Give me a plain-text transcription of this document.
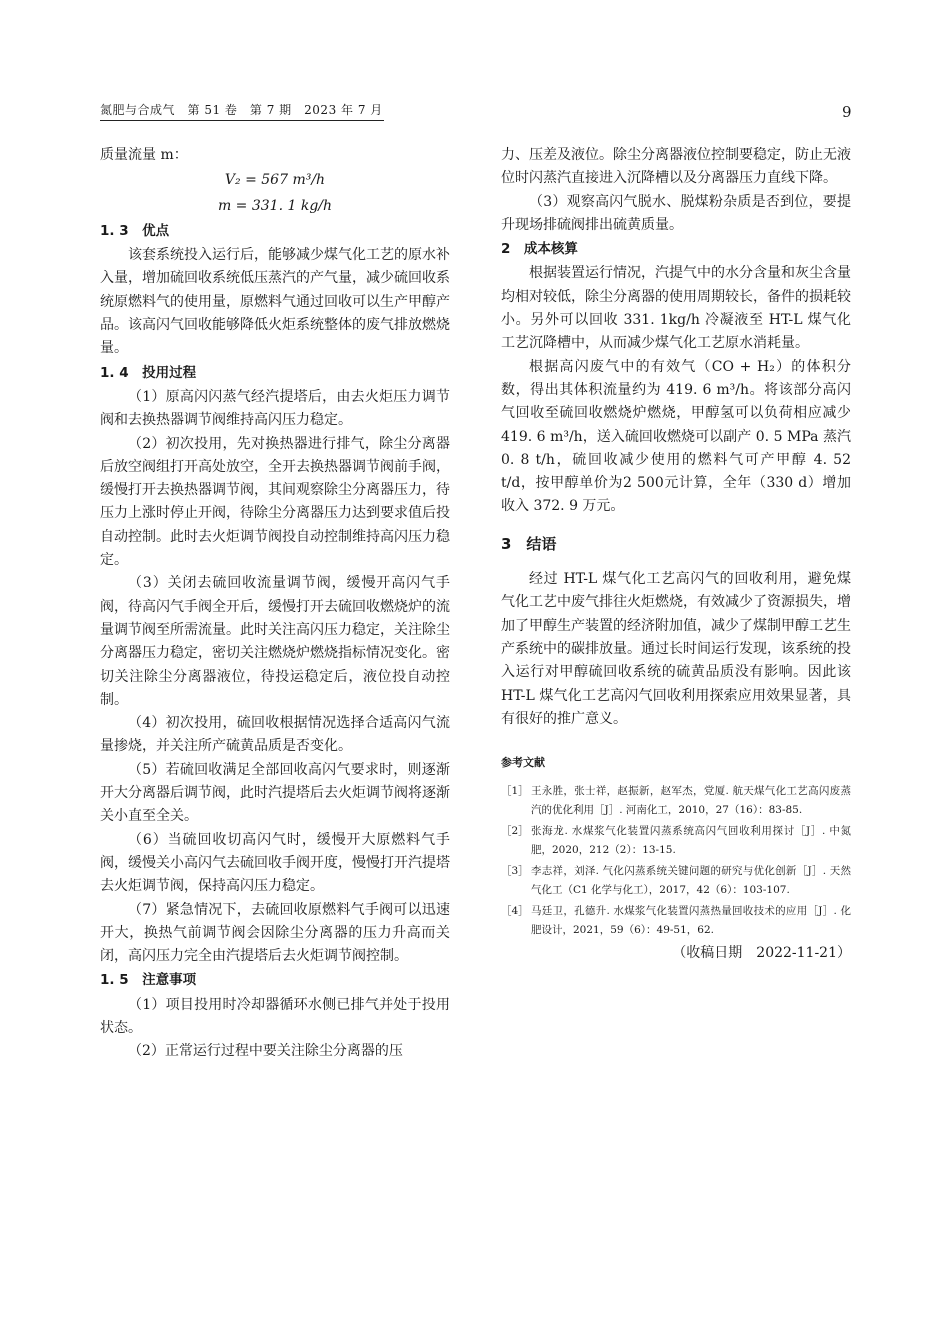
氮肥与合成气　第 51 卷　第 7 期　2023 年 7 月	9

质量流量 m：

V₂ = 567 m³/h
m = 331. 1 kg/h
1. 3　优点

该套系统投入运行后，能够减少煤气化工艺的原水补入量，增加硫回收系统低压蒸汽的产气量，减少硫回收系统原燃料气的使用量，原燃料气通过回收可以生产甲醇产品。该高闪气回收能够降低火炬系统整体的废气排放燃烧量。

1. 4　投用过程

（1）原高闪闪蒸气经汽提塔后，由去火炬压力调节阀和去换热器调节阀维持高闪压力稳定。

（2）初次投用，先对换热器进行排气，除尘分离器后放空阀组打开高处放空，全开去换热器调节阀前手阀，缓慢打开去换热器调节阀，其间观察除尘分离器压力，待压力上涨时停止开阀，待除尘分离器压力达到要求值后投自动控制。此时去火炬调节阀投自动控制维持高闪压力稳定。

（3）关闭去硫回收流量调节阀，缓慢开高闪气手阀，待高闪气手阀全开后，缓慢打开去硫回收燃烧炉的流量调节阀至所需流量。此时关注高闪压力稳定，关注除尘分离器压力稳定，密切关注燃烧炉燃烧指标情况变化。密切关注除尘分离器液位，待投运稳定后，液位投自动控制。

（4）初次投用，硫回收根据情况选择合适高闪气流量掺烧，并关注所产硫黄品质是否变化。

（5）若硫回收满足全部回收高闪气要求时，则逐渐开大分离器后调节阀，此时汽提塔后去火炬调节阀将逐渐关小直至全关。

（6）当硫回收切高闪气时，缓慢开大原燃料气手阀，缓慢关小高闪气去硫回收手阀开度，慢慢打开汽提塔去火炬调节阀，保持高闪压力稳定。

（7）紧急情况下，去硫回收原燃料气手阀可以迅速开大，换热气前调节阀会因除尘分离器的压力升高而关闭，高闪压力完全由汽提塔后去火炬调节阀控制。

1. 5　注意事项

（1）项目投用时冷却器循环水侧已排气并处于投用状态。

（2）正常运行过程中要关注除尘分离器的压

力、压差及液位。除尘分离器液位控制要稳定，防止无液位时闪蒸汽直接进入沉降槽以及分离器压力直线下降。

（3）观察高闪气脱水、脱煤粉杂质是否到位，要提升现场排硫阀排出硫黄质量。

2　成本核算

根据装置运行情况，汽提气中的水分含量和灰尘含量均相对较低，除尘分离器的使用周期较长，备件的损耗较小。另外可以回收 331. 1kg/h 冷凝液至 HT-L 煤气化工艺沉降槽中，从而减少煤气化工艺原水消耗量。

根据高闪废气中的有效气（CO + H₂）的体积分数，得出其体积流量约为 419. 6 m³/h。将该部分高闪气回收至硫回收燃烧炉燃烧，甲醇氢可以负荷相应减少 419. 6 m³/h，送入硫回收燃烧可以副产 0. 5 MPa 蒸汽 0. 8 t/h，硫回收减少使用的燃料气可产甲醇 4. 52 t/d，按甲醇单价为2 500元计算，全年（330 d）增加收入 372. 9 万元。

3　结语

经过 HT-L 煤气化工艺高闪气的回收利用，避免煤气化工艺中废气排往火炬燃烧，有效减少了资源损失，增加了甲醇生产装置的经济附加值，减少了煤制甲醇工艺生产系统中的碳排放量。通过长时间运行发现，该系统的投入运行对甲醇硫回收系统的硫黄品质没有影响。因此该 HT-L 煤气化工艺高闪气回收利用探索应用效果显著，具有很好的推广意义。

参考文献
［1］ 王永胜，张士祥，赵振新，赵军杰，党厦. 航天煤气化工艺高闪废蒸汽的优化利用［J］. 河南化工，2010，27（16）：83-85.
［2］ 张海龙. 水煤浆气化装置闪蒸系统高闪气回收利用探讨［J］. 中氮肥，2020，212（2）：13-15.
［3］ 李志祥，刘泽. 气化闪蒸系统关键问题的研究与优化创新［J］. 天然气化工（C1 化学与化工），2017，42（6）：103-107.
［4］ 马廷卫，孔德升. 水煤浆气化装置闪蒸热量回收技术的应用［J］. 化肥设计，2021，59（6）：49-51，62.
（收稿日期　2022-11-21）
